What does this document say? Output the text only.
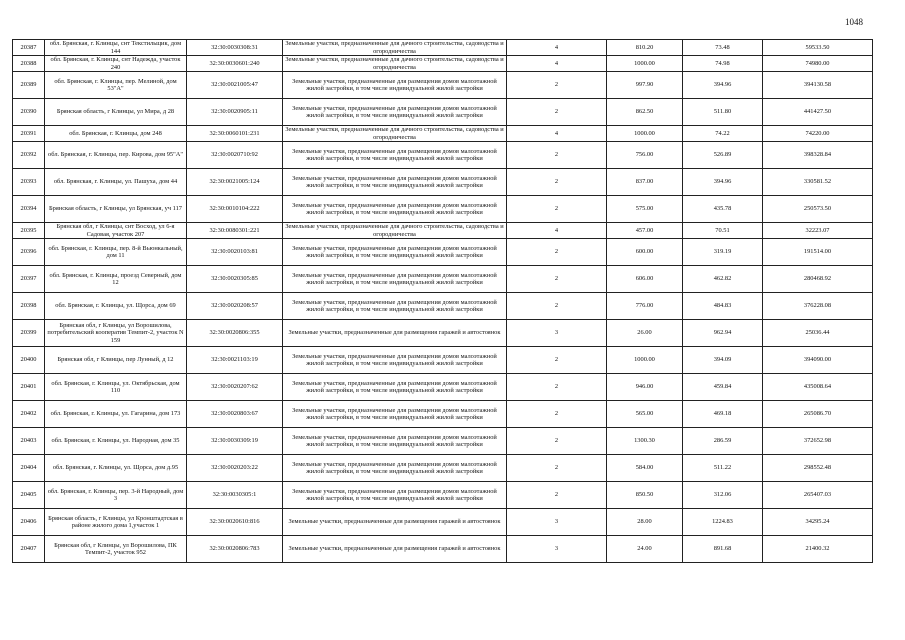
1048
20387	обл. Брянская, г. Клинцы, снт Текстильщик, дом 144	32:30:0030308:31	Земельные участки, предназначенные для дачного строительства, садоводства и огородничества	4	810.20	73.48	59533.50
20388	обл. Брянская, г. Клинцы, снт Надежда, участок 240	32:30:0030601:240	Земельные участки, предназначенные для дачного строительства, садоводства и огородничества	4	1000.00	74.98	74980.00
20389	обл. Брянская, г. Клинцы, пер. Мелиной, дом 53"А"	32:30:0021005:47	Земельные участки, предназначенные для размещения домов малоэтажной жилой застройки, в том числе индивидуальной жилой застройки	2	997.90	394.96	394130.58
20390	Брянская область, г Клинцы, ул Мира, д 28	32:30:0020905:11	Земельные участки, предназначенные для размещения домов малоэтажной жилой застройки, в том числе индивидуальной жилой застройки	2	862.50	511.80	441427.50
20391	обл. Брянская, г. Клинцы, дом 248	32:30:0060101:231	Земельные участки, предназначенные для дачного строительства, садоводства и огородничества	4	1000.00	74.22	74220.00
20392	обл. Брянская, г. Клинцы, пер. Кирова, дом 95"А"	32:30:0020710:92	Земельные участки, предназначенные для размещения домов малоэтажной жилой застройки, в том числе индивидуальной жилой застройки	2	756.00	526.89	398328.84
20393	обл. Брянская, г. Клинцы, ул. Пашуха, дом 44	32:30:0021005:124	Земельные участки, предназначенные для размещения домов малоэтажной жилой застройки, в том числе индивидуальной жилой застройки	2	837.00	394.96	330581.52
20394	Брянская область, г Клинцы, ул Брянская, уч 117	32:30:0010104:222	Земельные участки, предназначенные для размещения домов малоэтажной жилой застройки, в том числе индивидуальной жилой застройки	2	575.00	435.78	250573.50
20395	Брянская обл, г Клинцы, снт Восход, ул 6-я Садовая, участок 207	32:30:0080301:221	Земельные участки, предназначенные для дачного строительства, садоводства и огородничества	4	457.00	70.51	32223.07
20396	обл. Брянская, г. Клинцы, пер. 8-й Вьюнкальный, дом 11	32:30:0020103:81	Земельные участки, предназначенные для размещения домов малоэтажной жилой застройки, в том числе индивидуальной жилой застройки	2	600.00	319.19	191514.00
20397	обл. Брянская, г. Клинцы, проезд Северный, дом 12	32:30:0020305:85	Земельные участки, предназначенные для размещения домов малоэтажной жилой застройки, в том числе индивидуальной жилой застройки	2	606.00	462.82	280468.92
20398	обл. Брянская, г. Клинцы, ул. Щорса, дом 69	32:30:0020208:57	Земельные участки, предназначенные для размещения домов малоэтажной жилой застройки, в том числе индивидуальной жилой застройки	2	776.00	484.83	376228.08
20399	Брянская обл, г Клинцы, ул Ворошилова, потребительский кооператив Темпит-2, участок N 159	32:30:0020806:355	Земельные участки, предназначенные для размещения гаражей и автостоянок	3	26.00	962.94	25036.44
20400	Брянская обл, г Клинцы, пер Лунный, д 12	32:30:0021103:19	Земельные участки, предназначенные для размещения домов малоэтажной жилой застройки, в том числе индивидуальной жилой застройки	2	1000.00	394.09	394090.00
20401	обл. Брянская, г. Клинцы, ул. Октябрьская, дом 110	32:30:0020207:62	Земельные участки, предназначенные для размещения домов малоэтажной жилой застройки, в том числе индивидуальной жилой застройки	2	946.00	459.84	435008.64
20402	обл. Брянская, г. Клинцы, ул. Гагарина, дом 173	32:30:0020803:67	Земельные участки, предназначенные для размещения домов малоэтажной жилой застройки, в том числе индивидуальной жилой застройки	2	565.00	469.18	265086.70
20403	обл. Брянская, г. Клинцы, ул. Народная, дом 35	32:30:0030309:19	Земельные участки, предназначенные для размещения домов малоэтажной жилой застройки, в том числе индивидуальной жилой застройки	2	1300.30	286.59	372652.98
20404	обл. Брянская, г. Клинцы, ул. Щорса, дом д.95	32:30:0020203:22	Земельные участки, предназначенные для размещения домов малоэтажной жилой застройки, в том числе индивидуальной жилой застройки	2	584.00	511.22	298552.48
20405	обл. Брянская, г. Клинцы, пер. 3-й Народный, дом 3	32:30:0030305:1	Земельные участки, предназначенные для размещения домов малоэтажной жилой застройки, в том числе индивидуальной жилой застройки	2	850.50	312.06	265407.03
20406	Брянская область, г Клинцы, ул Кронштадтская в районе жилого дома 1,участок 1	32:30:0020610:816	Земельные участки, предназначенные для размещения гаражей и автостоянок	3	28.00	1224.83	34295.24
20407	Брянская обл, г Клинцы, ул Ворошилова, ПК Темпит-2, участок 952	32:30:0020806:783	Земельные участки, предназначенные для размещения гаражей и автостоянок	3	24.00	891.68	21400.32
